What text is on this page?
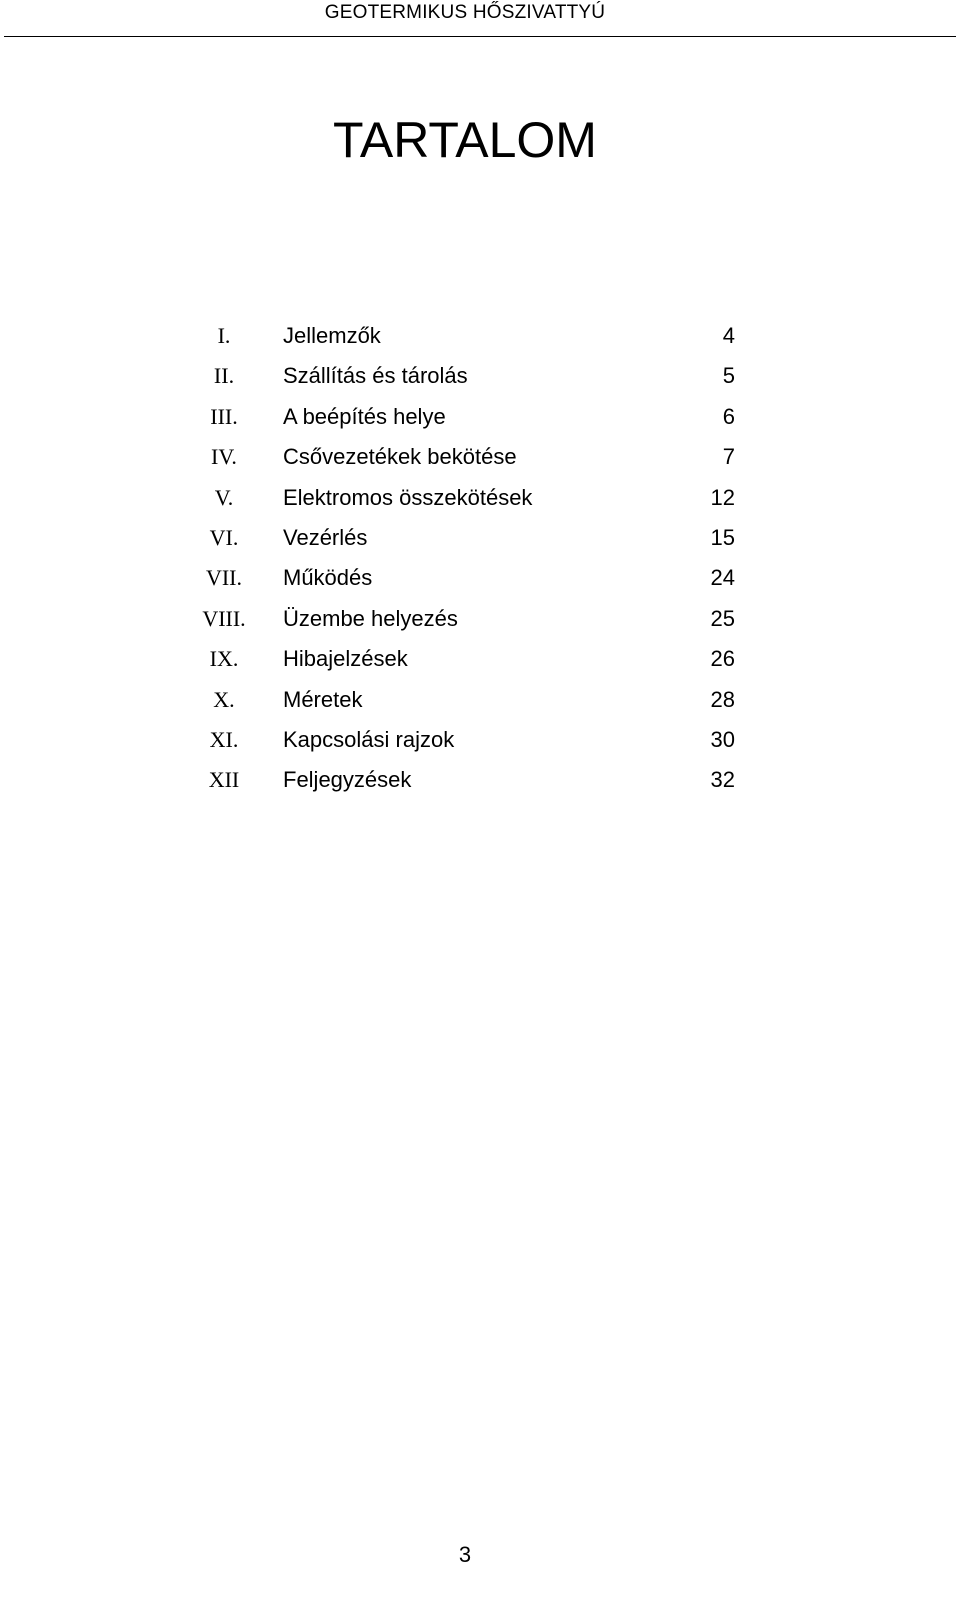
GEOTERMIKUS HŐSZIVATTYÚ
TARTALOM
I.	Jellemzők	4
II.	Szállítás és tárolás	5
III.	A beépítés helye	6
IV.	Csővezetékek bekötése	7
V.	Elektromos összekötések	12
VI.	Vezérlés	15
VII.	Működés	24
VIII.	Üzembe helyezés	25
IX.	Hibajelzések	26
X.	Méretek	28
XI.	Kapcsolási rajzok	30
XII	Feljegyzések	32
3
